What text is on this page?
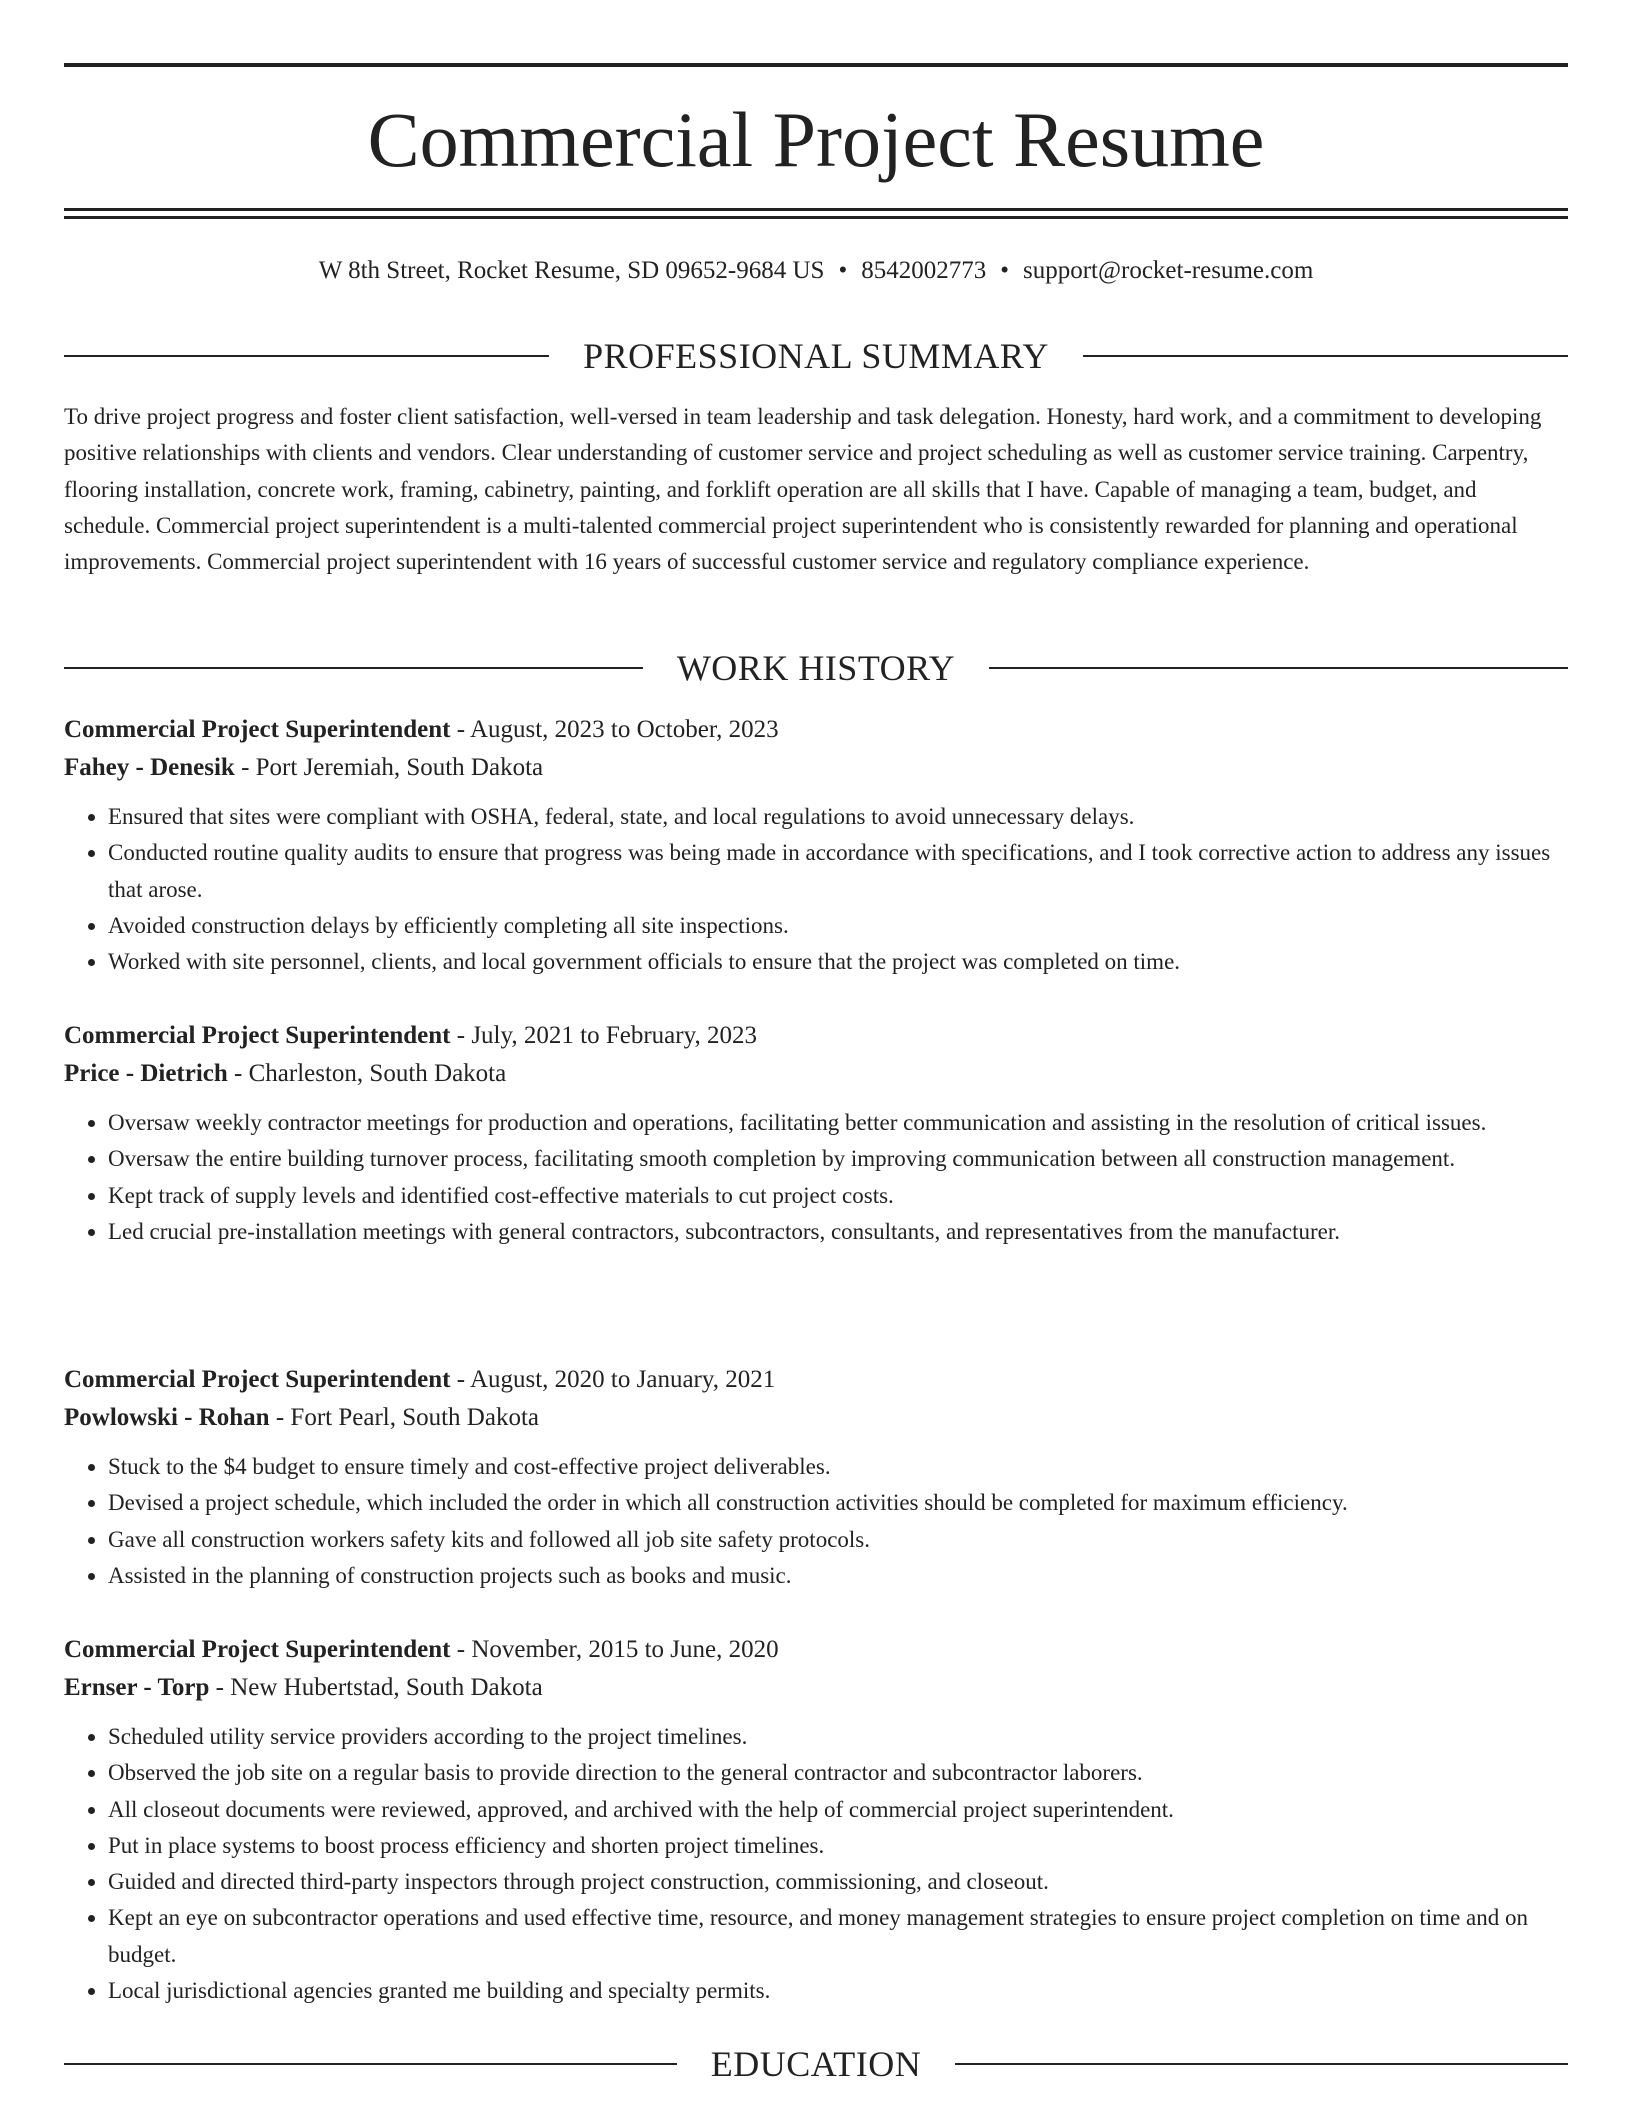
Commercial Project Resume
W 8th Street, Rocket Resume, SD 09652-9684 US • 8542002773 • support@rocket-resume.com
PROFESSIONAL SUMMARY

To drive project progress and foster client satisfaction, well-versed in team leadership and task delegation. Honesty, hard work, and a commitment to developing positive relationships with clients and vendors. Clear understanding of customer service and project scheduling as well as customer service training. Carpentry, flooring installation, concrete work, framing, cabinetry, painting, and forklift operation are all skills that I have. Capable of managing a team, budget, and schedule. Commercial project superintendent is a multi-talented commercial project superintendent who is consistently rewarded for planning and operational improvements. Commercial project superintendent with 16 years of successful customer service and regulatory compliance experience.

WORK HISTORY

Commercial Project Superintendent - August, 2023 to October, 2023

Fahey - Denesik - Port Jeremiah, South Dakota

• Ensured that sites were compliant with OSHA, federal, state, and local regulations to avoid unnecessary delays.
• Conducted routine quality audits to ensure that progress was being made in accordance with specifications, and I took corrective action to address any issues that arose.
• Avoided construction delays by efficiently completing all site inspections.
• Worked with site personnel, clients, and local government officials to ensure that the project was completed on time.

Commercial Project Superintendent - July, 2021 to February, 2023

Price - Dietrich - Charleston, South Dakota

• Oversaw weekly contractor meetings for production and operations, facilitating better communication and assisting in the resolution of critical issues.
• Oversaw the entire building turnover process, facilitating smooth completion by improving communication between all construction management.
• Kept track of supply levels and identified cost-effective materials to cut project costs.
• Led crucial pre-installation meetings with general contractors, subcontractors, consultants, and representatives from the manufacturer.

Commercial Project Superintendent - August, 2020 to January, 2021

Powlowski - Rohan - Fort Pearl, South Dakota

• Stuck to the $4 budget to ensure timely and cost-effective project deliverables.
• Devised a project schedule, which included the order in which all construction activities should be completed for maximum efficiency.
• Gave all construction workers safety kits and followed all job site safety protocols.
• Assisted in the planning of construction projects such as books and music.

Commercial Project Superintendent - November, 2015 to June, 2020

Ernser - Torp - New Hubertstad, South Dakota

• Scheduled utility service providers according to the project timelines.
• Observed the job site on a regular basis to provide direction to the general contractor and subcontractor laborers.
• All closeout documents were reviewed, approved, and archived with the help of commercial project superintendent.
• Put in place systems to boost process efficiency and shorten project timelines.
• Guided and directed third-party inspectors through project construction, commissioning, and closeout.
• Kept an eye on subcontractor operations and used effective time, resource, and money management strategies to ensure project completion on time and on budget.
• Local jurisdictional agencies granted me building and specialty permits.
EDUCATION
